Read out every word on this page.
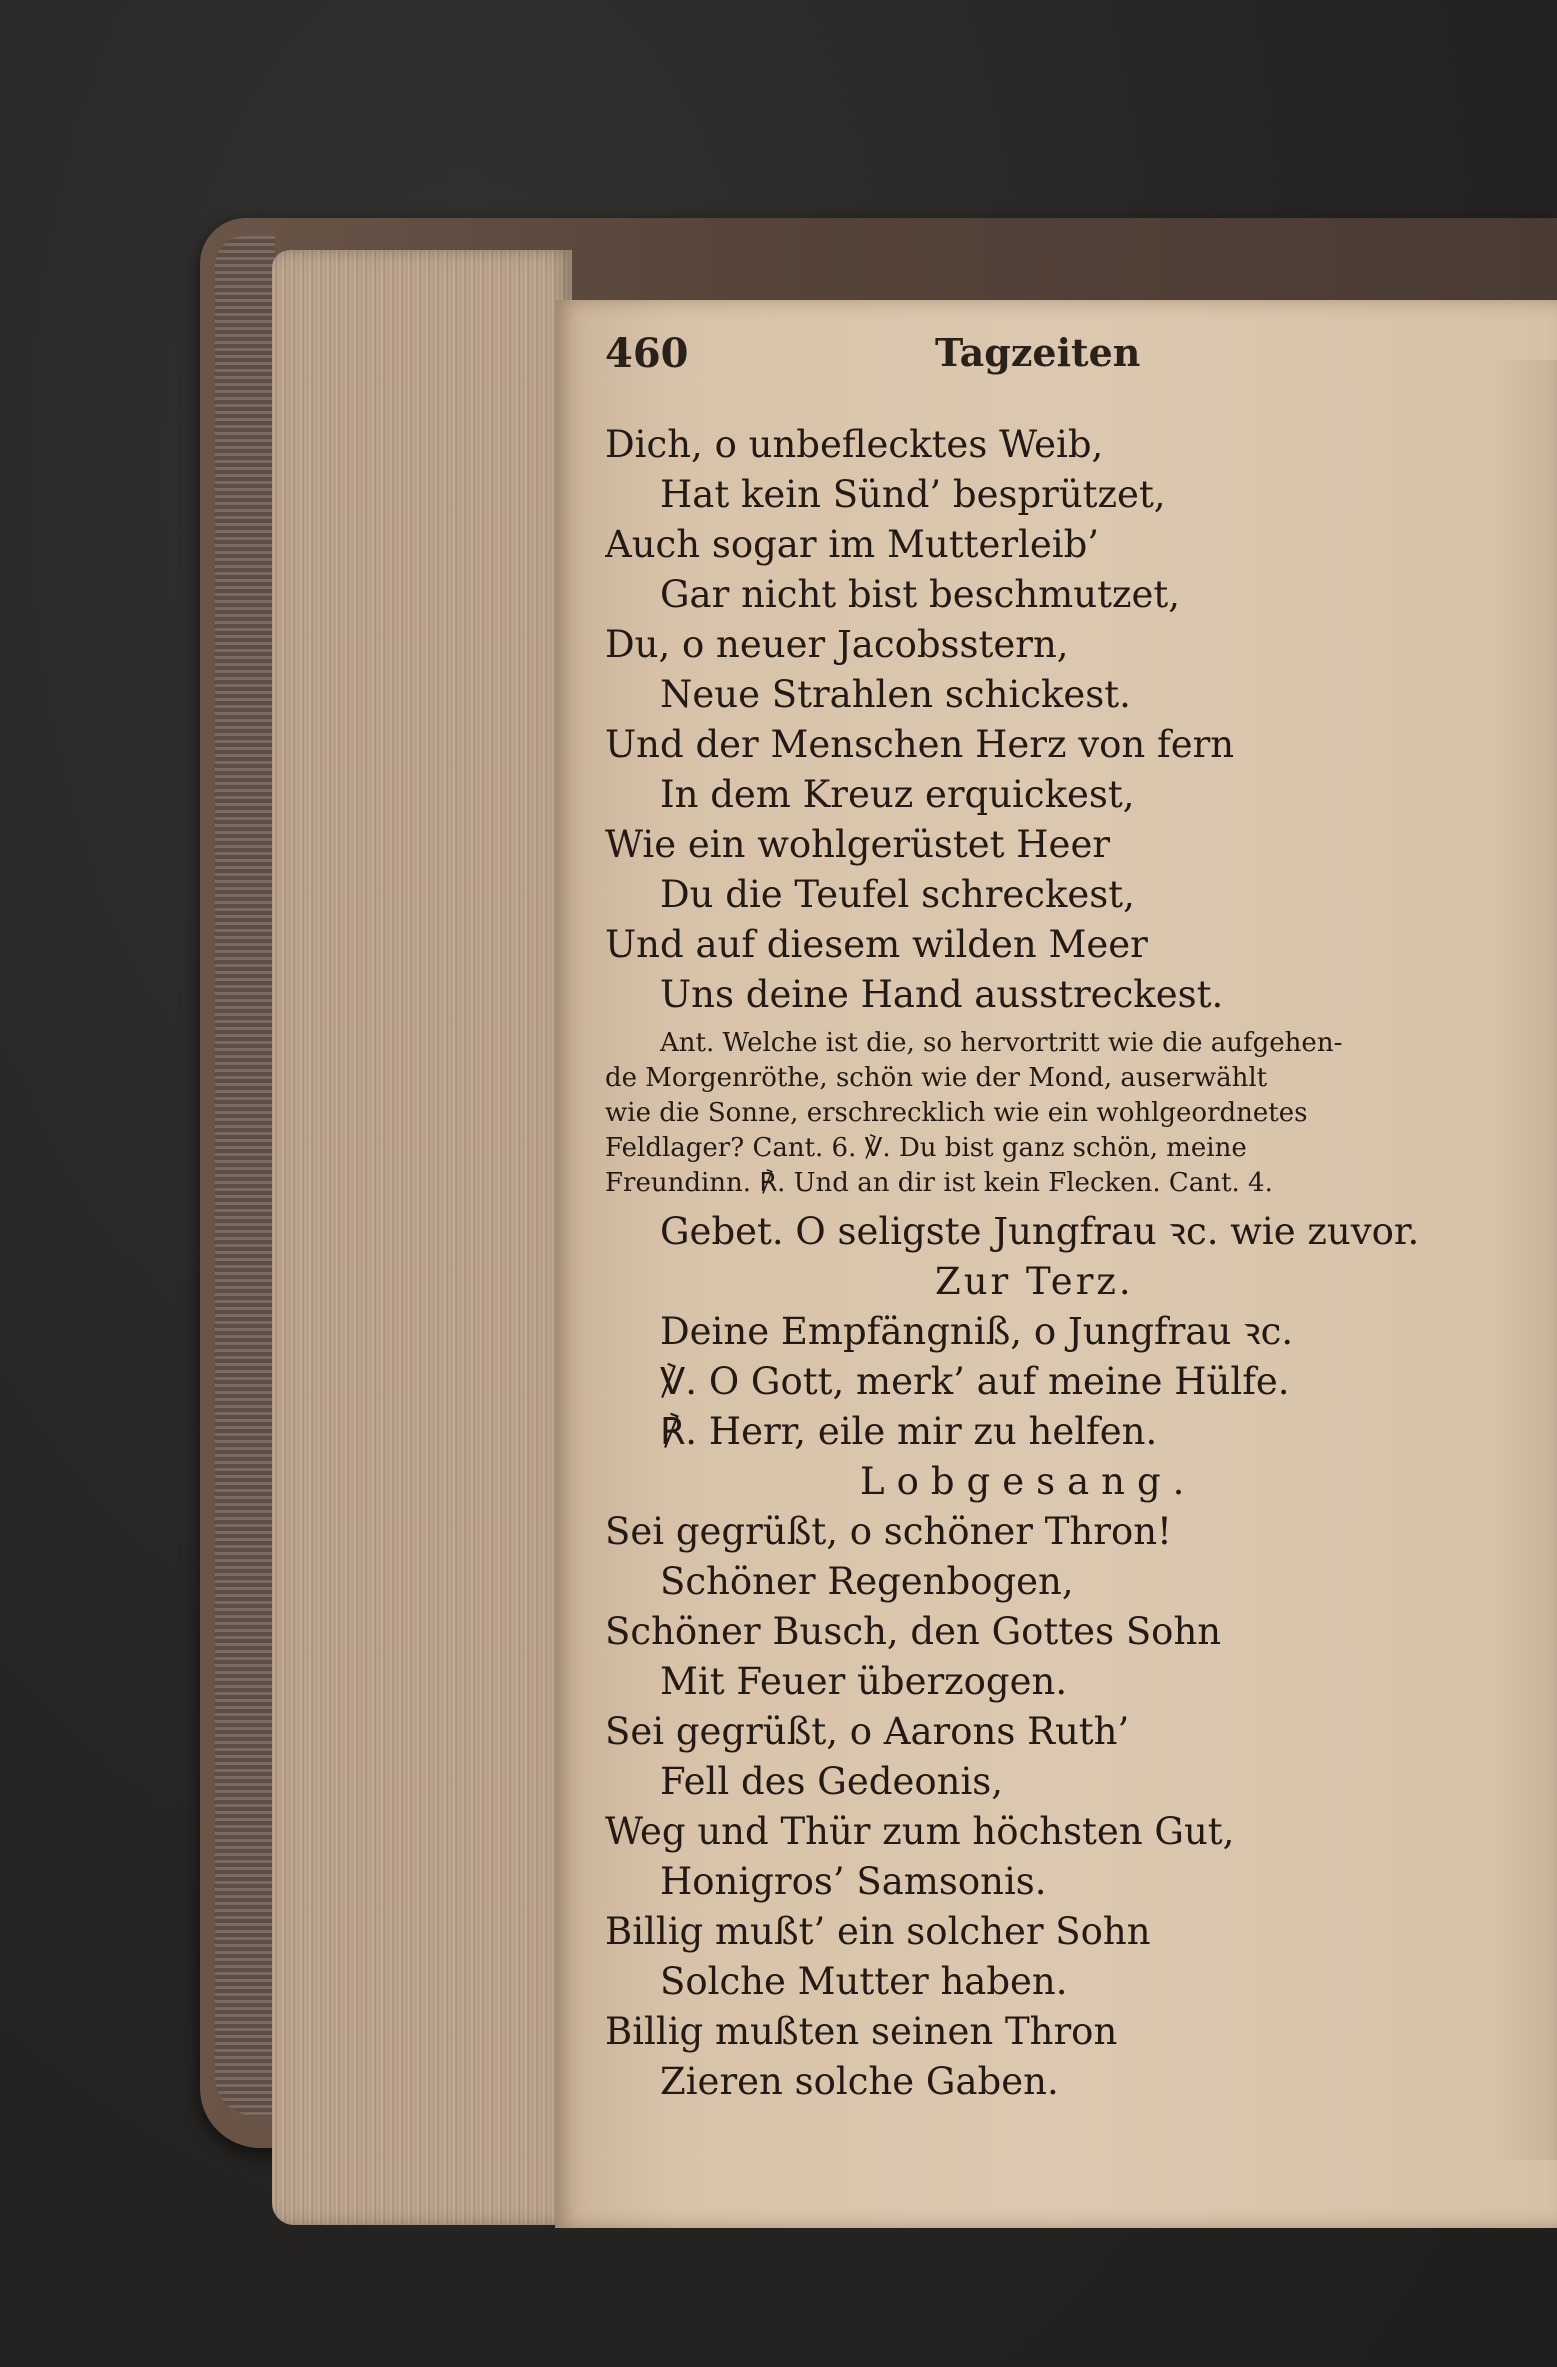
460	Tagzeiten
Dich, o unbeflecktes Weib,
Hat kein Sünd’ besprützet,
Auch sogar im Mutterleib’
Gar nicht bist beschmutzet,
Du, o neuer Jacobsstern,
Neue Strahlen schickest.
Und der Menschen Herz von fern
In dem Kreuz erquickest,
Wie ein wohlgerüstet Heer
Du die Teufel schreckest,
Und auf diesem wilden Meer
Uns deine Hand ausstreckest.
Ant. Welche ist die, so hervortritt wie die aufgehen-
de Morgenröthe, schön wie der Mond, auserwählt
wie die Sonne, erschrecklich wie ein wohlgeordnetes
Feldlager? Cant. 6. ℣. Du bist ganz schön, meine
Freundinn. ℟. Und an dir ist kein Flecken. Cant. 4.
Gebet. O seligste Jungfrau ꝛc. wie zuvor.
Zur Terz.
Deine Empfängniß, o Jungfrau ꝛc.
℣. O Gott, merk’ auf meine Hülfe.
℟. Herr, eile mir zu helfen.
Lobgesang.
Sei gegrüßt, o schöner Thron!
Schöner Regenbogen,
Schöner Busch, den Gottes Sohn
Mit Feuer überzogen.
Sei gegrüßt, o Aarons Ruth’
Fell des Gedeonis,
Weg und Thür zum höchsten Gut,
Honigros’ Samsonis.
Billig mußt’ ein solcher Sohn
Solche Mutter haben.
Billig mußten seinen Thron
Zieren solche Gaben.
